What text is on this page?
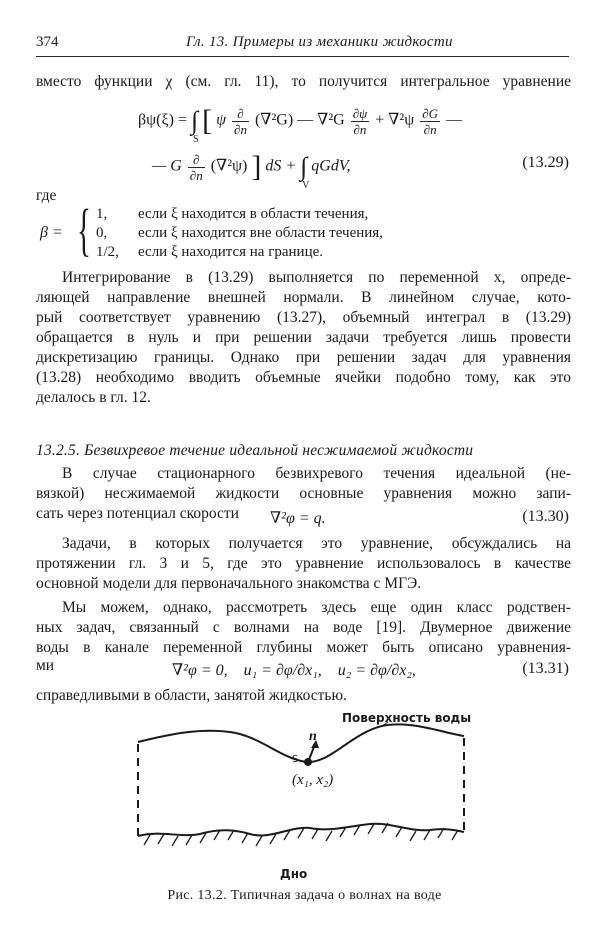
374	Гл. 13. Примеры из механики жидкости
вместо функции χ (см. гл. 11), то получится интегральное уравнение
βψ(ξ) = ∫
S
[ ψ $\frac{\partial}{\partial n} (\nabla^2G)$ — $\nabla^2G \frac{\partial\psi}{\partial n} + \nabla^2\psi \frac{\partial G}{\partial n}$ —
— G $\frac{\partial}{\partial n} (\nabla^2\psi)$ ] dS + ∫
V
qGdV,	(13.29)
где
β = { 1, если ξ находится в области течения,
0, если ξ находится вне области течения,
1/2, если ξ находится на границе.
Интегрирование в (13.29) выполняется по переменной x, опреде-
ляющей направление внешней нормали. В линейном случае, кото-
рый соответствует уравнению (13.27), объемный интеграл в (13.29)
обращается в нуль и при решении задачи требуется лишь провести
дискретизацию границы. Однако при решении задач для уравнения
(13.28) необходимо вводить объемные ячейки подобно тому, как это
делалось в гл. 12.
13.2.5. Безвихревое течение идеальной несжимаемой жидкости
В случае стационарного безвихревого течения идеальной (не-
вязкой) несжимаемой жидкости основные уравнения можно запи-
сать через потенциал скорости	∇²φ = q.	(13.30)
Задачи, в которых получается это уравнение, обсуждались на
протяжении гл. 3 и 5, где это уравнение использовалось в качестве
основной модели для первоначального знакомства с МГЭ.
Мы можем, однако, рассмотреть здесь еще один класс родствен-
ных задач, связанный с волнами на воде [19]. Двумерное движение
воды в канале переменной глубины может быть описано уравнения-
ми	∇²φ = 0, u₁ = ∂φ/∂x₁, u₂ = ∂φ/∂x₂,	(13.31)
справедливыми в области, занятой жидкостью.
Поверхность воды
n
S
(x₁, x₂)
Дно
Рис. 13.2. Типичная задача о волнах на воде
